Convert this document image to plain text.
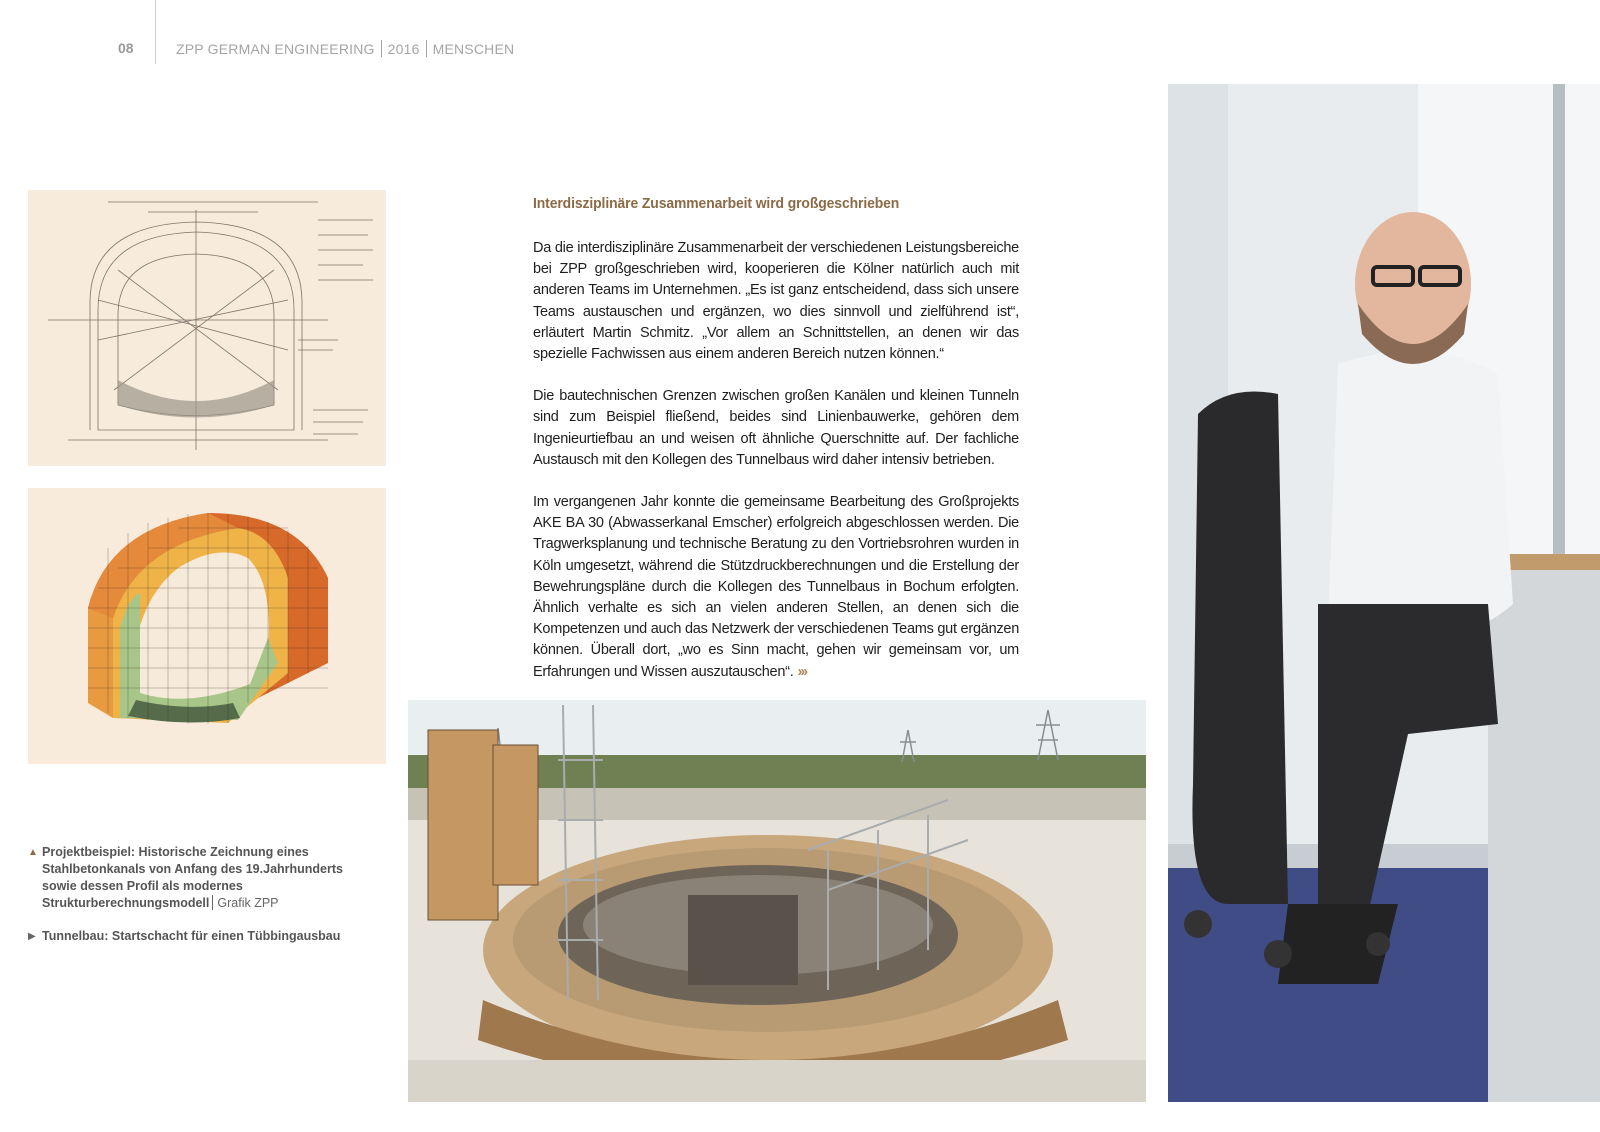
08	ZPP GERMAN ENGINEERING 2016 MENSCHEN
Interdisziplinäre Zusammenarbeit wird großgeschrieben

Da die interdisziplinäre Zusammenarbeit der verschiedenen Leistungsbereiche bei ZPP großgeschrieben wird, kooperieren die Kölner natürlich auch mit anderen Teams im Unternehmen. „Es ist ganz entscheidend, dass sich unsere Teams austauschen und ergänzen, wo dies sinnvoll und zielführend ist“, erläutert Martin Schmitz. „Vor allem an Schnittstellen, an denen wir das spezielle Fachwissen aus einem anderen Bereich nutzen können.“

Die bautechnischen Grenzen zwischen großen Kanälen und kleinen Tunneln sind zum Beispiel fließend, beides sind Linienbauwerke, gehören dem Ingenieurtiefbau an und weisen oft ähnliche Querschnitte auf. Der fachliche Austausch mit den Kollegen des Tunnelbaus wird daher intensiv betrieben.

Im vergangenen Jahr konnte die gemeinsame Bearbeitung des Großprojekts AKE BA 30 (Abwasserkanal Emscher) erfolgreich abgeschlossen werden. Die Tragwerksplanung und technische Beratung zu den Vortriebsrohren wurden in Köln umgesetzt, während die Stützdruckberechnungen und die Erstellung der Bewehrungspläne durch die Kollegen des Tunnelbaus in Bochum erfolgten. Ähnlich verhalte es sich an vielen anderen Stellen, an denen sich die Kompetenzen und auch das Netzwerk der verschiedenen Teams gut ergänzen können. Überall dort, „wo es Sinn macht, gehen wir gemeinsam vor, um Erfahrungen und Wissen auszutauschen“. ›››

▲ Projektbeispiel: Historische Zeichnung eines Stahlbetonkanals von Anfang des 19.Jahrhunderts sowie dessen Profil als modernes Strukturberechnungsmodell Grafik ZPP
▶ Tunnelbau: Startschacht für einen Tübbingausbau
